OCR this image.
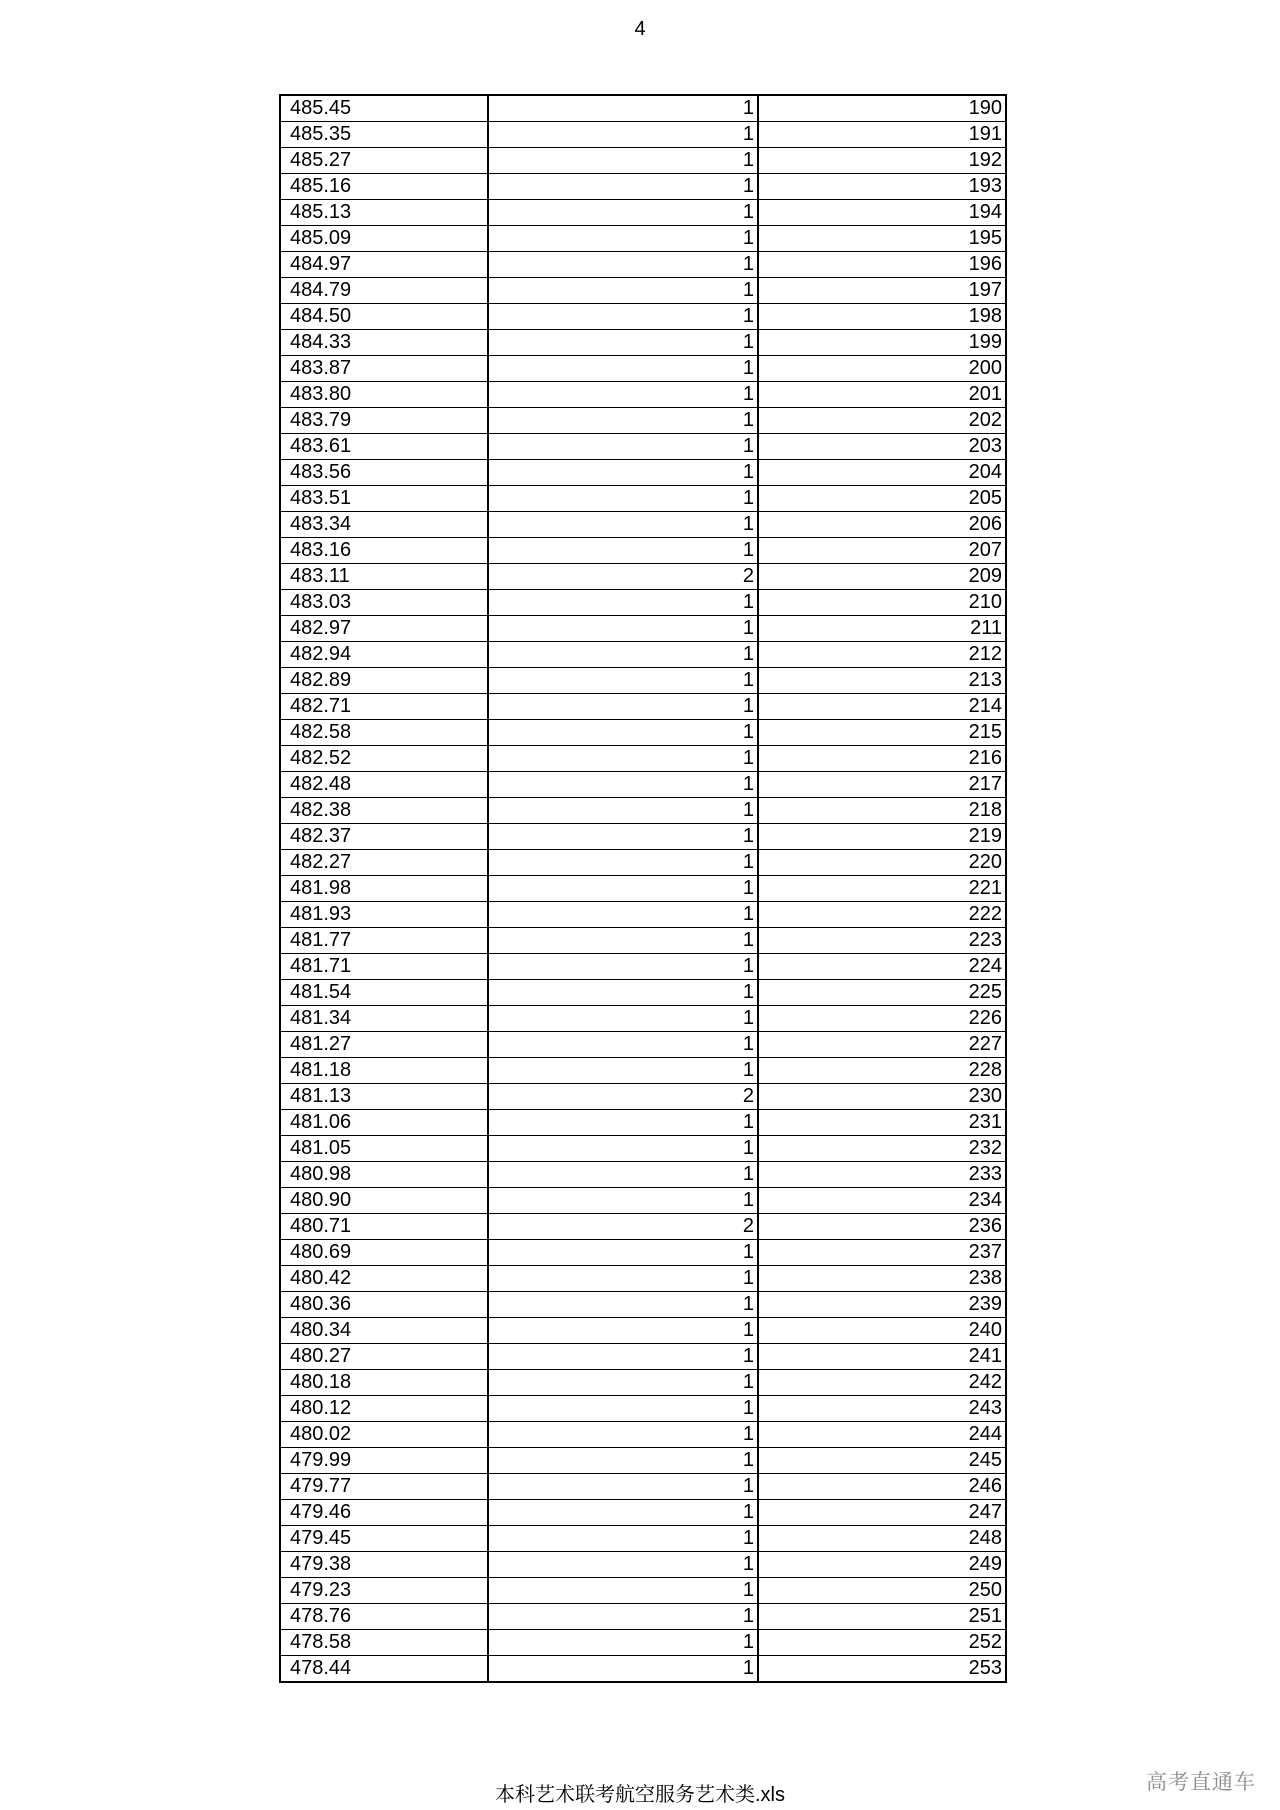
4
485.45	1	190
485.35	1	191
485.27	1	192
485.16	1	193
485.13	1	194
485.09	1	195
484.97	1	196
484.79	1	197
484.50	1	198
484.33	1	199
483.87	1	200
483.80	1	201
483.79	1	202
483.61	1	203
483.56	1	204
483.51	1	205
483.34	1	206
483.16	1	207
483.11	2	209
483.03	1	210
482.97	1	211
482.94	1	212
482.89	1	213
482.71	1	214
482.58	1	215
482.52	1	216
482.48	1	217
482.38	1	218
482.37	1	219
482.27	1	220
481.98	1	221
481.93	1	222
481.77	1	223
481.71	1	224
481.54	1	225
481.34	1	226
481.27	1	227
481.18	1	228
481.13	2	230
481.06	1	231
481.05	1	232
480.98	1	233
480.90	1	234
480.71	2	236
480.69	1	237
480.42	1	238
480.36	1	239
480.34	1	240
480.27	1	241
480.18	1	242
480.12	1	243
480.02	1	244
479.99	1	245
479.77	1	246
479.46	1	247
479.45	1	248
479.38	1	249
479.23	1	250
478.76	1	251
478.58	1	252
478.44	1	253
本科艺术联考航空服务艺术类.xls
高考直通车
